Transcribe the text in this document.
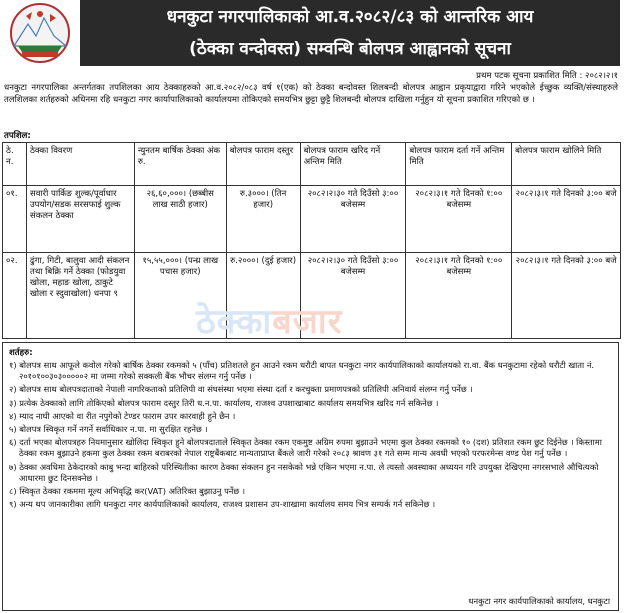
धनकुटा नगरपालिकाको आ.व.२०८२/८३ को आन्तरिक आय
(ठेक्का वन्दोवस्त) सम्वन्धि बोलपत्र आह्वानको सूचना
प्रथम पटक सूचना प्रकाशित मिति : २०८२।२।१
धनकुटा नगरपालिका अन्तर्गतका तपशिलका आय ठेक्काहरुको आ.व.२०८२/०८३ वर्ष १(एक) को ठेक्का बन्दोवस्त शिलबन्दी बोलपत्र आह्वान प्रकृयाद्वारा गरिने भएकोले ईच्छुक व्यक्ति/संस्थाहरुले तलशिलका शर्तहरुको अधिनमा रहि धनकुटा नगर कार्यापालिकाको कार्यालयमा तोकिएको समयभित्र छुट्टा छुट्टै शिलबन्दी बोलपत्र दाखिला गर्नुहुन यो सूचना प्रकाशित गरिएको छ ।
तपशिल:
ठे. न.	ठेक्का विवरण	न्युनतम बार्षिक ठेक्का अंक रु.	बोलपत्र फाराम दस्तुर	बोलपत्र फाराम खरिद गर्ने अन्तिम मिति	बोलपत्र फाराम दर्ता गर्ने अन्तिम मिति	बोलपत्र फाराम खोलिने मिति
०१.	सवारी पार्किङ शुल्क/पूर्वाधार उपयोग/सडक सरसफाई शुल्क संकलन ठेक्का	२६,६०,०००। (छब्बीस लाख साठी हजार)	रु.३०००। (तिन हजार)	२०८२।२।३० गते दिउँसो ३:०० बजेसम्म	२०८२।३।१ गते दिनको १:०० बजेसम्म	२०८२।३।१ गते दिनको ३:०० बजे
०२.	ढुंगा, गिटी, बालुवा आदी संकलन तथा बिक्रि गर्ने ठेक्का (फोडयुवा खोला, महाङ खोला, ठाकुटे खोला र स्दुवाखोला) धनपा ९	१५,५५,०००। (पन्ध्र लाख पचास हजार)	रु.२०००। (दुई हजार)	२०८२।२।३० गते दिउँसो ३:०० बजेसम्म	२०८२।३।१ गते दिनको १:०० बजेसम्म	२०८२।३।१ गते दिनको ३:०० बजे
ठेक्काबजार
शर्तहरु:
१) बोलपत्र साथ आफूले कवोल गरेको बार्षिक ठेक्का रकमको ५ (पाँच) प्रतिशतले हुन आउने रकम धरौटी बापत धनकुटा नगर कार्यपालिकाको कार्यालयको रा.वा. बैंक धनकुटामा रहेको धरौटी खाता नं. २०१०१००३०३०००००२ मा जम्मा गरेको सक्कली बैंक भौचर संलग्न गर्नु पर्नेछ ।
२) बोलपत्र साथ बोलपत्रदाताको नेपाली नागरिकताको प्रतिलिपी वा संघसंस्था भएमा संस्था दर्ता र करचुक्ता प्रमाणपत्रको प्रतिलिपी अनिवार्य संलग्न गर्नु पर्नेछ ।
३) प्रत्येक ठेक्काको लागि तोकिएको बोलपत्र फाराम दस्तुर तिरी ध.न.पा. कार्यालय, राजश्व उपशाखाबाट कार्यालय समयभित्र खरिद गर्न सकिनेछ ।
४) म्याद नाघी आएको वा रीत नपुगेको टेण्डर फाराम उपर कारवाही हुने छैन ।
५) बोलपत्र स्विकृत गर्ने नगर्ने सर्वाधिकार न.पा. मा सुरक्षित रहनेछ ।
६) दर्ता भएका बोलपत्रहरु नियमानुसार खोलिदा स्विकृत हुने बोलपत्रदाताले स्विकृत ठेक्का रकम एकमुष्ट अग्रिम रुपमा बुझाउने भएमा कुल ठेक्का रकमको १० (दश) प्रतिशत रकम छुट दिईनेछ । किस्तामा ठेक्का रकम बुझाउने हकमा कुल ठेक्का रकम बराबरको नेपाल राष्ट्रबैंकबाट मान्यताप्राप्त बैंकले जारी गरेको २०८३ श्रावण ३१ गते सम्म मान्य अवधी भएको परफरमेन्स वण्ड पेश गर्नु पर्नेछ ।
७) ठेक्का अवधिमा ठेकेदारको काबु भन्दा बाहिरको परिस्थितीका कारण ठेक्का संकलन हुन नसकेको भन्ने एकिन भएमा न.पा. ले त्यस्तो अवस्थाका अध्ययन गरि उपयुक्त देखिएमा नगरसभाले औचित्यको आधारमा छुट दिनसक्नेछ ।
८) स्विकृत ठेक्का रकममा मूल्य अभिवृद्धि कर(VAT) अतिरिक्त बुझाउनु पर्नेछ ।
९) अन्य थप जानकारीका लागि धनकुटा नगर कार्यपालिकाको कार्यालय, राजश्व प्रशासन उप-शाखामा कार्यालय समय भित्र सम्पर्क गर्न सकिनेछ ।
धनकुटा नगर कार्यपालिकाको कार्यालय, धनकुटा
